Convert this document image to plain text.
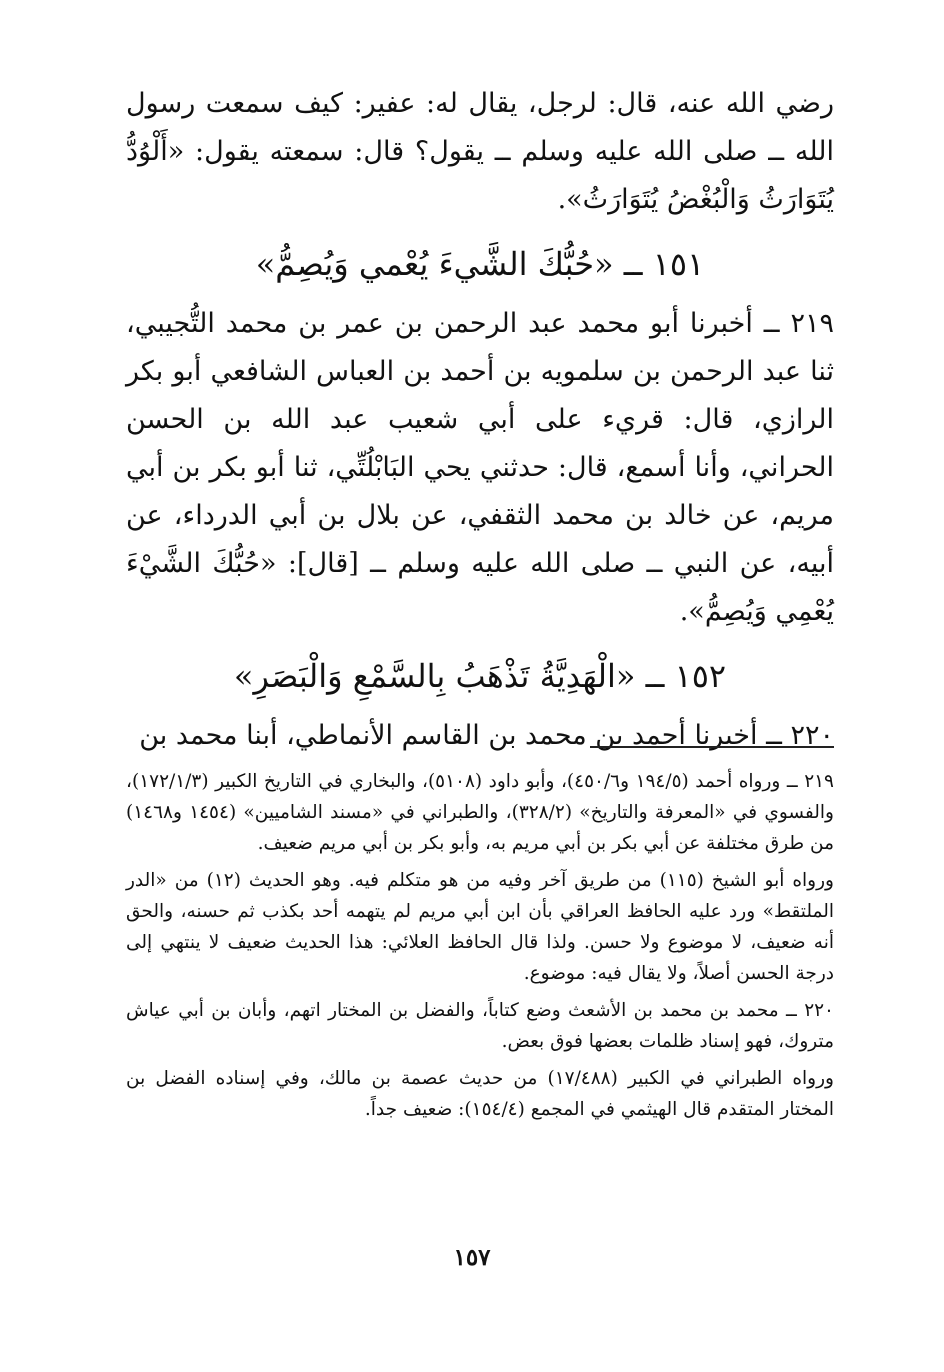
رضي الله عنه، قال: لرجل، يقال له: عفير: كيف سمعت رسول الله ــ صلى الله عليه وسلم ــ يقول؟ قال: سمعته يقول: «أَلْوُدُّ يُتَوَارَثُ وَالْبُغْضُ يُتَوَارَثُ».

١٥١ ــ «حُبُّكَ الشَّيءَ يُعْمي وَيُصِمُّ»

٢١٩ ــ أخبرنا أبو محمد عبد الرحمن بن عمر بن محمد التُّجيبي، ثنا عبد الرحمن بن سلمويه بن أحمد بن العباس الشافعي أبو بكر الرازي، قال: قريء على أبي شعيب عبد الله بن الحسن الحراني، وأنا أسمع، قال: حدثني يحي البَابْلُتِّي، ثنا أبو بكر بن أبي مريم، عن خالد بن محمد الثقفي، عن بلال بن أبي الدرداء، عن أبيه، عن النبي ــ صلى الله عليه وسلم ــ [قال]: «حُبُّكَ الشَّيْءَ يُعْمِي وَيُصِمُّ».

١٥٢ ــ «الْهَدِيَّةُ تَذْهَبُ بِالسَّمْعِ وَالْبَصَرِ»

٢٢٠ ــ أخبرنا أحمد بن محمد بن القاسم الأنماطي، أبنا محمد بن

٢١٩ ــ ورواه أحمد (١٩٤/٥ و٤٥٠/٦)، وأبو داود (٥١٠٨)، والبخاري في التاريخ الكبير (١٧٢/١/٣)، والفسوي في «المعرفة والتاريخ» (٣٢٨/٢)، والطبراني في «مسند الشاميين» (١٤٥٤ و١٤٦٨) من طرق مختلفة عن أبي بكر بن أبي مريم به، وأبو بكر بن أبي مريم ضعيف.

ورواه أبو الشيخ (١١٥) من طريق آخر وفيه من هو متكلم فيه. وهو الحديث (١٢) من «الدر الملتقط» ورد عليه الحافظ العراقي بأن ابن أبي مريم لم يتهمه أحد بكذب ثم حسنه، والحق أنه ضعيف، لا موضوع ولا حسن. ولذا قال الحافظ العلائي: هذا الحديث ضعيف لا ينتهي إلى درجة الحسن أصلاً، ولا يقال فيه: موضوع.

٢٢٠ ــ محمد بن محمد بن الأشعث وضع كتاباً، والفضل بن المختار اتهم، وأبان بن أبي عياش متروك، فهو إسناد ظلمات بعضها فوق بعض.

ورواه الطبراني في الكبير (١٧/٤٨٨) من حديث عصمة بن مالك، وفي إسناده الفضل بن المختار المتقدم قال الهيثمي في المجمع (١٥٤/٤): ضعيف جداً.

١٥٧
